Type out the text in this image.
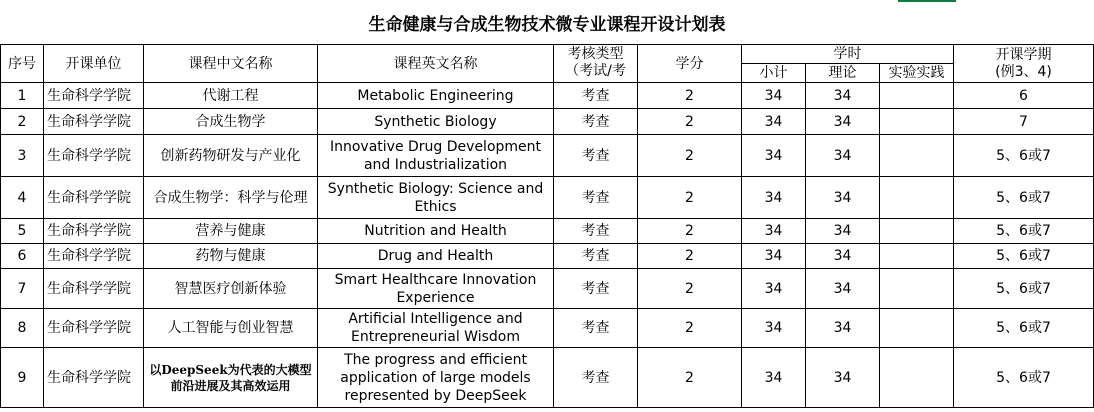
生命健康与合成生物技术微专业课程开设计划表
序号	开课单位	课程中文名称	课程英文名称	考核类型（考试/考	学分	学时			开课学期
(例3、4)

						小计	理论	实验实践	
1	生命科学学院	代谢工程	Metabolic Engineering	考查	2	34	34		6
2	生命科学学院	合成生物学	Synthetic Biology	考查	2	34	34		7
3	生命科学学院	创新药物研发与产业化	Innovative Drug Development and Industrialization	考查	2	34	34		5、6或7
4	生命科学学院	合成生物学：科学与伦理	Synthetic Biology: Science and Ethics	考查	2	34	34		5、6或7
5	生命科学学院	营养与健康	Nutrition and Health	考查	2	34	34		5、6或7
6	生命科学学院	药物与健康	Drug and Health	考查	2	34	34		5、6或7
7	生命科学学院	智慧医疗创新体验	Smart Healthcare Innovation Experience	考查	2	34	34		5、6或7
8	生命科学学院	人工智能与创业智慧	Artificial Intelligence and Entrepreneurial Wisdom	考查	2	34	34		5、6或7
9	生命科学学院	以DeepSeek为代表的大模型前沿进展及其高效运用	The progress and efficient application of large models represented by DeepSeek	考查	2	34	34		5、6或7
